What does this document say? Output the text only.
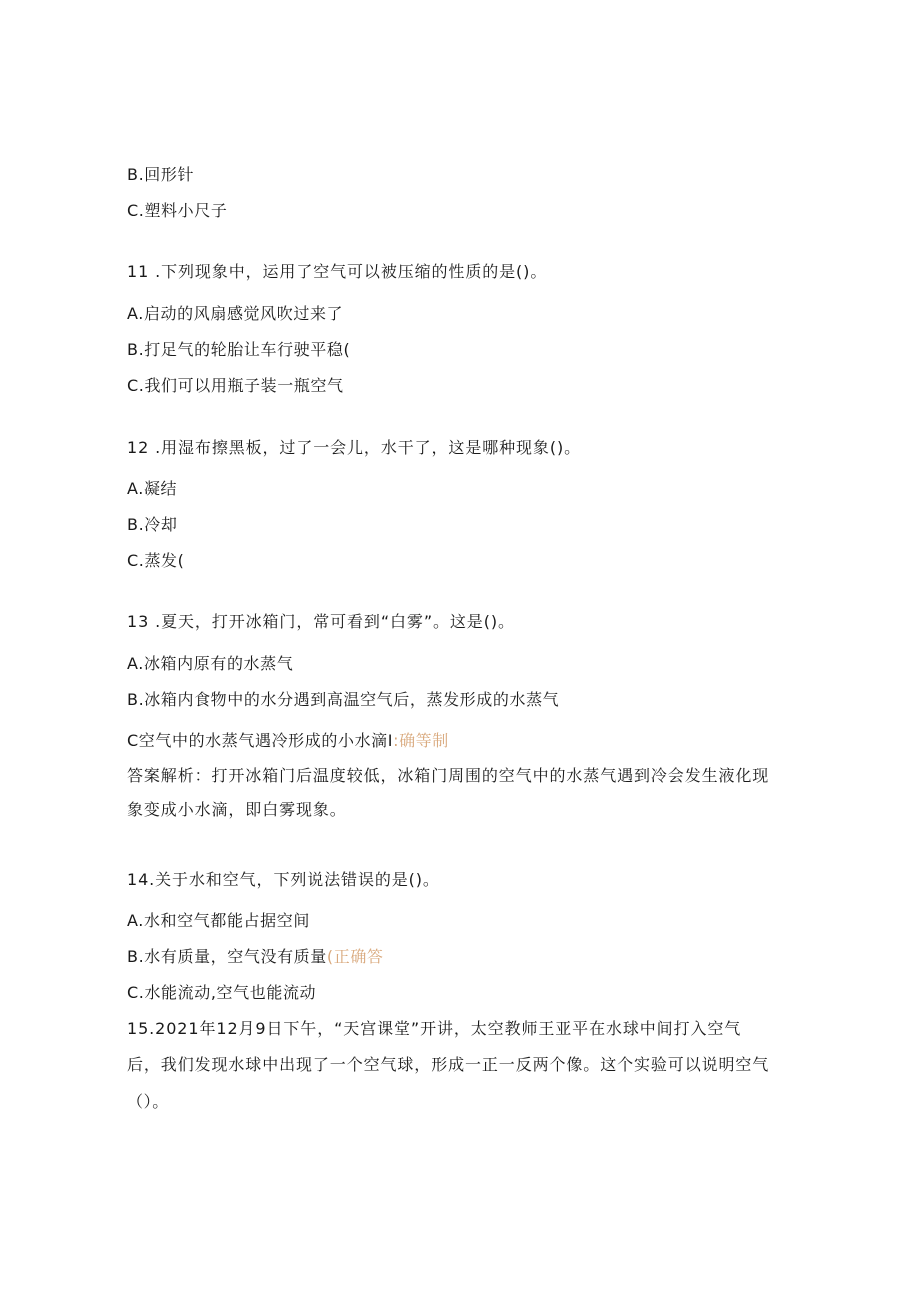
B.回形针
C.塑料小尺子
11 .下列现象中，运用了空气可以被压缩的性质的是()。
A.启动的风扇感觉风吹过来了
B.打足气的轮胎让车行驶平稳(
C.我们可以用瓶子装一瓶空气
12 .用湿布擦黑板，过了一会儿，水干了，这是哪种现象()。
A.凝结
B.冷却
C.蒸发(
13 .夏天，打开冰箱门，常可看到“白雾”。这是()。
A.冰箱内原有的水蒸气
B.冰箱内食物中的水分遇到高温空气后，蒸发形成的水蒸气
C空气中的水蒸气遇冷形成的小水滴I:确等制
答案解析：打开冰箱门后温度较低，冰箱门周围的空气中的水蒸气遇到冷会发生液化现
象变成小水滴，即白雾现象。
14.关于水和空气，下列说法错误的是()。
A.水和空气都能占据空间
B.水有质量，空气没有质量(正确答
C.水能流动,空气也能流动
15.2021年12月9日下午，“天宫课堂”开讲，太空教师王亚平在水球中间打入空气
后，我们发现水球中出现了一个空气球，形成一正一反两个像。这个实验可以说明空气
（）。
